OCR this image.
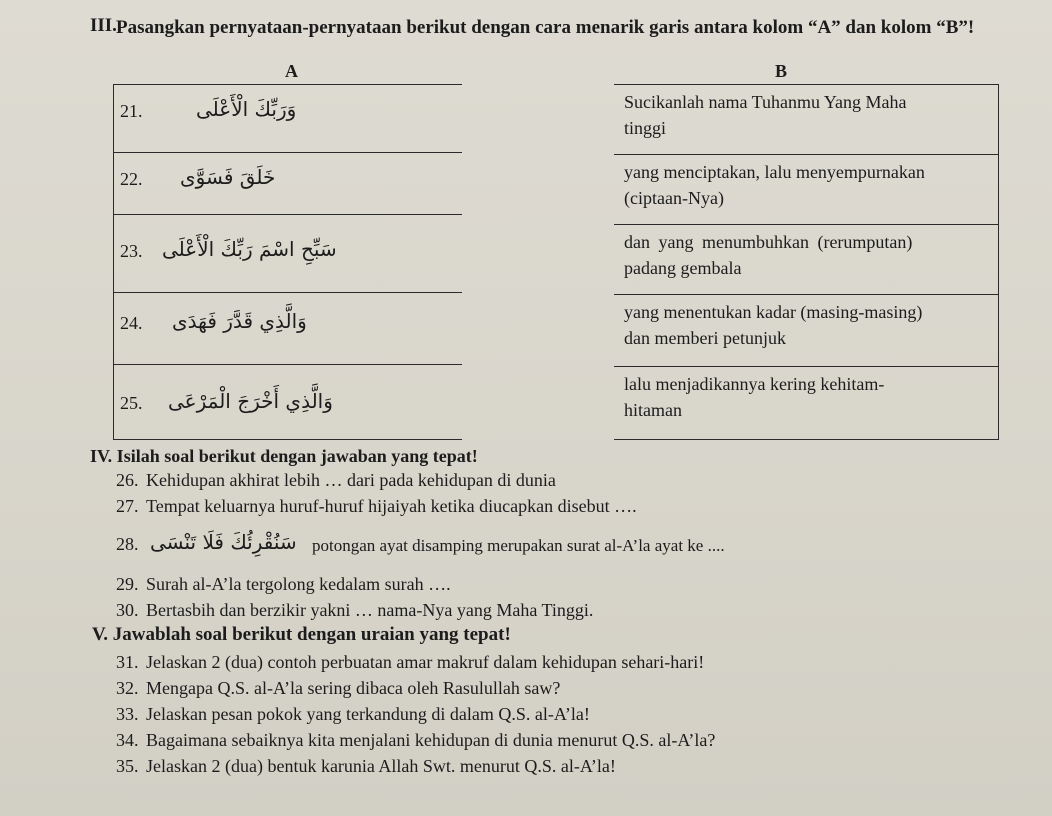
III. Pasangkan pernyataan-pernyataan berikut dengan cara menarik garis antara kolom “A” dan kolom “B”!
A	B
21.	وَرَبِّكَ الْأَعْلَى
22. خَلَقَ فَسَوَّى
23. سَبِّحِ اسْمَ رَبِّكَ الْأَعْلَى
24. وَالَّذِي قَدَّرَ فَهَدَى
25. وَالَّذِي أَخْرَجَ الْمَرْعَى
Sucikanlah nama Tuhanmu Yang Maha
tinggi
yang menciptakan, lalu menyempurnakan
(ciptaan-Nya)
dan yang menumbuhkan (rerumputan)
padang gembala
yang menentukan kadar (masing-masing)
dan memberi petunjuk
lalu menjadikannya kering kehitam-
hitaman
IV. Isilah soal berikut dengan jawaban yang tepat!
26. Kehidupan akhirat lebih … dari pada kehidupan di dunia
27. Tempat keluarnya huruf-huruf hijaiyah ketika diucapkan disebut ….
28. سَنُقْرِئُكَ فَلَا تَنْسَى potongan ayat disamping merupakan surat al-A’la ayat ke ....
29. Surah al-A’la tergolong kedalam surah ….
30. Bertasbih dan berzikir yakni … nama-Nya yang Maha Tinggi.
V. Jawablah soal berikut dengan uraian yang tepat!
31. Jelaskan 2 (dua) contoh perbuatan amar makruf dalam kehidupan sehari-hari!
32. Mengapa Q.S. al-A’la sering dibaca oleh Rasulullah saw?
33. Jelaskan pesan pokok yang terkandung di dalam Q.S. al-A’la!
34. Bagaimana sebaiknya kita menjalani kehidupan di dunia menurut Q.S. al-A’la?
35. Jelaskan 2 (dua) bentuk karunia Allah Swt. menurut Q.S. al-A’la!
